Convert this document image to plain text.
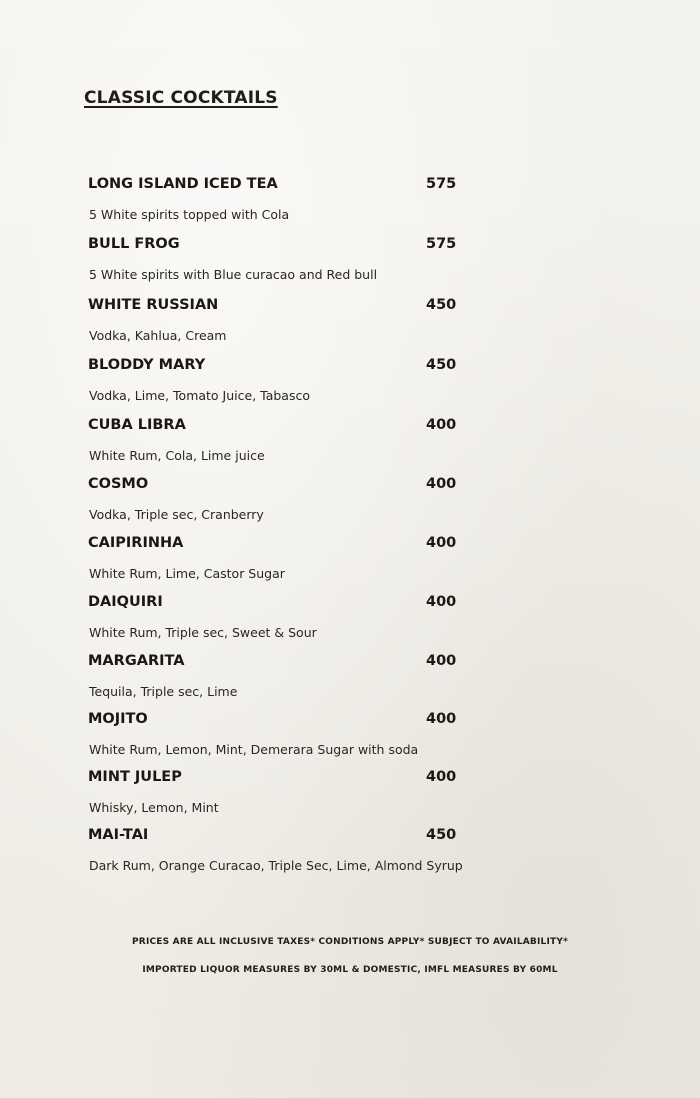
CLASSIC COCKTAILS
LONG ISLAND ICED TEA	575
5 White spirits topped with Cola
BULL FROG	575
5 White spirits with Blue curacao and Red bull
WHITE RUSSIAN	450
Vodka, Kahlua, Cream
BLODDY MARY	450
Vodka, Lime, Tomato Juice, Tabasco
CUBA LIBRA	400
White Rum, Cola, Lime juice
COSMO	400
Vodka, Triple sec, Cranberry
CAIPIRINHA	400
White Rum, Lime, Castor Sugar
DAIQUIRI	400
White Rum, Triple sec, Sweet & Sour
MARGARITA	400
Tequila, Triple sec, Lime
MOJITO	400
White Rum, Lemon, Mint, Demerara Sugar with soda
MINT JULEP	400
Whisky, Lemon, Mint
MAI-TAI	450
Dark Rum, Orange Curacao, Triple Sec, Lime, Almond Syrup
PRICES ARE ALL INCLUSIVE TAXES* CONDITIONS APPLY* SUBJECT TO AVAILABILITY*
IMPORTED LIQUOR MEASURES BY 30ML & DOMESTIC, IMFL MEASURES BY 60ML
